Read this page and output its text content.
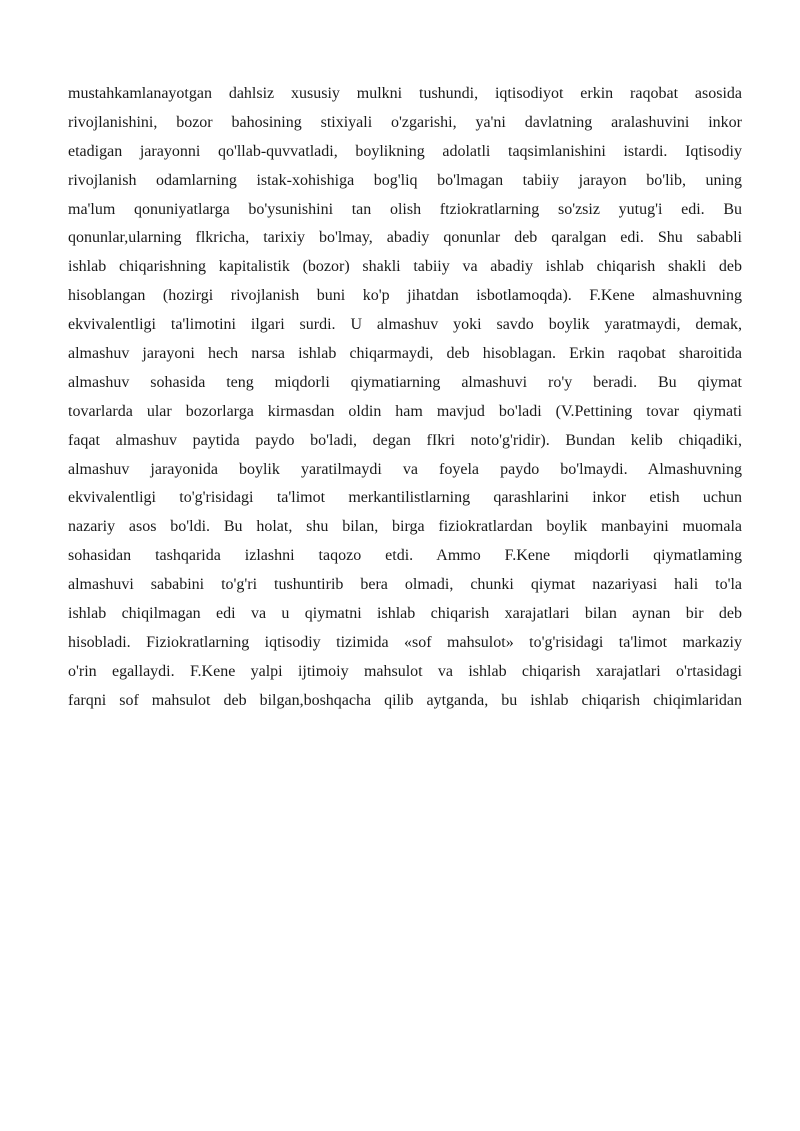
mustahkamlanayotgan dahlsiz xususiy mulkni tushundi, iqtisodiyot erkin raqobat asosida
rivojlanishini, bozor bahosining stixiyali o'zgarishi, ya'ni davlatning aralashuvini inkor
etadigan jarayonni qo'llab-quvvatladi, boylikning adolatli taqsimlanishini istardi. Iqtisodiy
rivojlanish odamlarning istak-xohishiga bog'liq bo'lmagan tabiiy jarayon bo'lib, uning
ma'lum qonuniyatlarga bo'ysunishini tan olish ftziokratlarning so'zsiz yutug'i edi. Bu
qonunlar,ularning flkricha, tarixiy bo'lmay, abadiy qonunlar deb qaralgan edi. Shu sababli
ishlab chiqarishning kapitalistik (bozor) shakli tabiiy va abadiy ishlab chiqarish shakli deb
hisoblangan (hozirgi rivojlanish buni ko'p jihatdan isbotlamoqda). F.Kene almashuvning
ekvivalentligi ta'limotini ilgari surdi. U almashuv yoki savdo boylik yaratmaydi, demak,
almashuv jarayoni hech narsa ishlab chiqarmaydi, deb hisoblagan. Erkin raqobat sharoitida
almashuv sohasida teng miqdorli qiymatiarning almashuvi ro'y beradi. Bu qiymat
tovarlarda ular bozorlarga kirmasdan oldin ham mavjud bo'ladi (V.Pettining tovar qiymati
faqat almashuv paytida paydo bo'ladi, degan fIkri noto'g'ridir). Bundan kelib chiqadiki,
almashuv jarayonida boylik yaratilmaydi va foyela paydo bo'lmaydi. Almashuvning
ekvivalentligi to'g'risidagi ta'limot merkantilistlarning qarashlarini inkor etish uchun
nazariy asos bo'ldi. Bu holat, shu bilan, birga fiziokratlardan boylik manbayini muomala
sohasidan tashqarida izlashni taqozo etdi. Ammo F.Kene miqdorli qiymatlaming
almashuvi sababini to'g'ri tushuntirib bera olmadi, chunki qiymat nazariyasi hali to'la
ishlab chiqilmagan edi va u qiymatni ishlab chiqarish xarajatlari bilan aynan bir deb
hisobladi. Fiziokratlarning iqtisodiy tizimida «sof mahsulot» to'g'risidagi ta'limot markaziy
o'rin egallaydi. F.Kene yalpi ijtimoiy mahsulot va ishlab chiqarish xarajatlari o'rtasidagi
farqni sof mahsulot deb bilgan,boshqacha qilib aytganda, bu ishlab chiqarish chiqimlaridan
